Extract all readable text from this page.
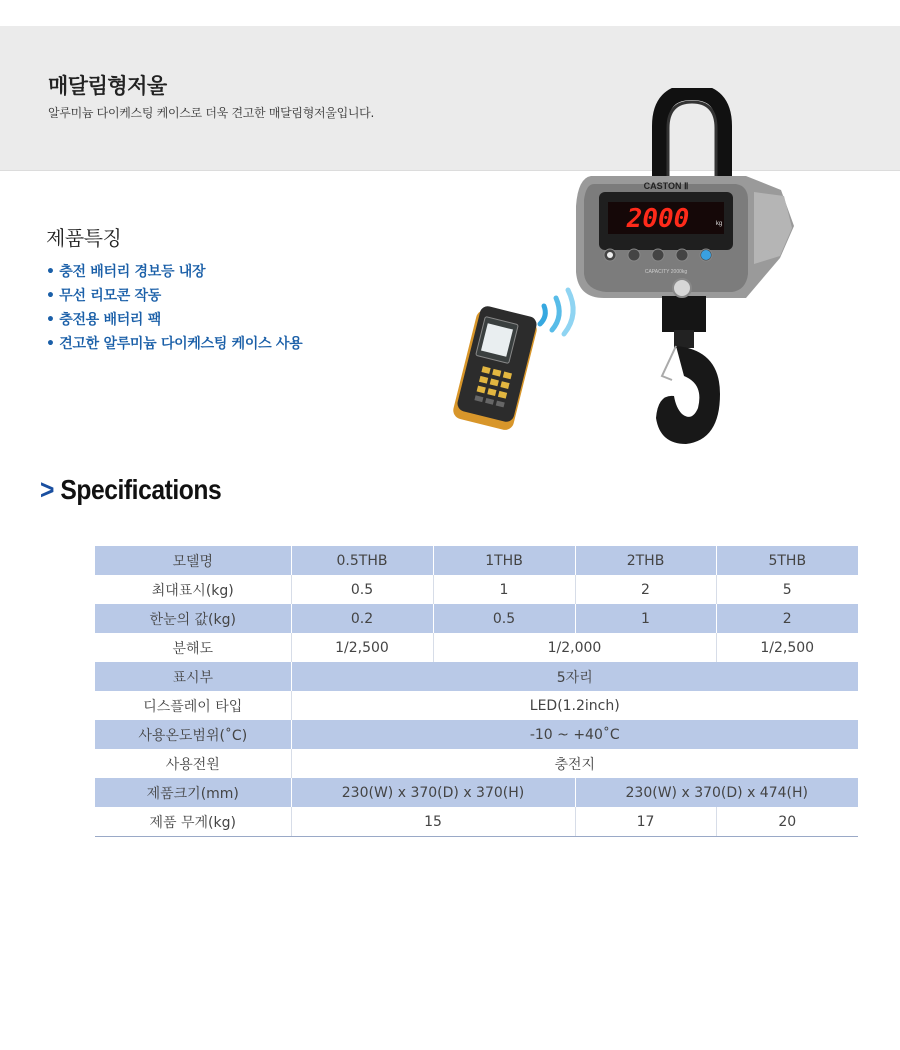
매달림형저울
알루미늄 다이케스팅 케이스로 더욱 견고한 매달림형저울입니다.
제품특징
• 충전 배터리 경보등 내장
• 무선 리모콘 작동
• 충전용 배터리 팩
• 견고한 알루미늄 다이케스팅 케이스 사용
CASTON Ⅱ
2000	kg
CAPACITY 2000kg
> Specifications
모델명	0.5THB	1THB	2THB	5THB
최대표시(kg)	0.5	1	2	5
한눈의 값(kg)	0.2	0.5	1	2
분해도	1/2,500	1/2,000		1/2,500
표시부	5자리			
디스플레이 타입	LED(1.2inch)			
사용온도범위(˚C)	-10 ~ +40˚C			
사용전원	충전지			
제품크기(mm)	230(W) x 370(D) x 370(H)		230(W) x 370(D) x 474(H)	
제품 무게(kg)	15		17	20
